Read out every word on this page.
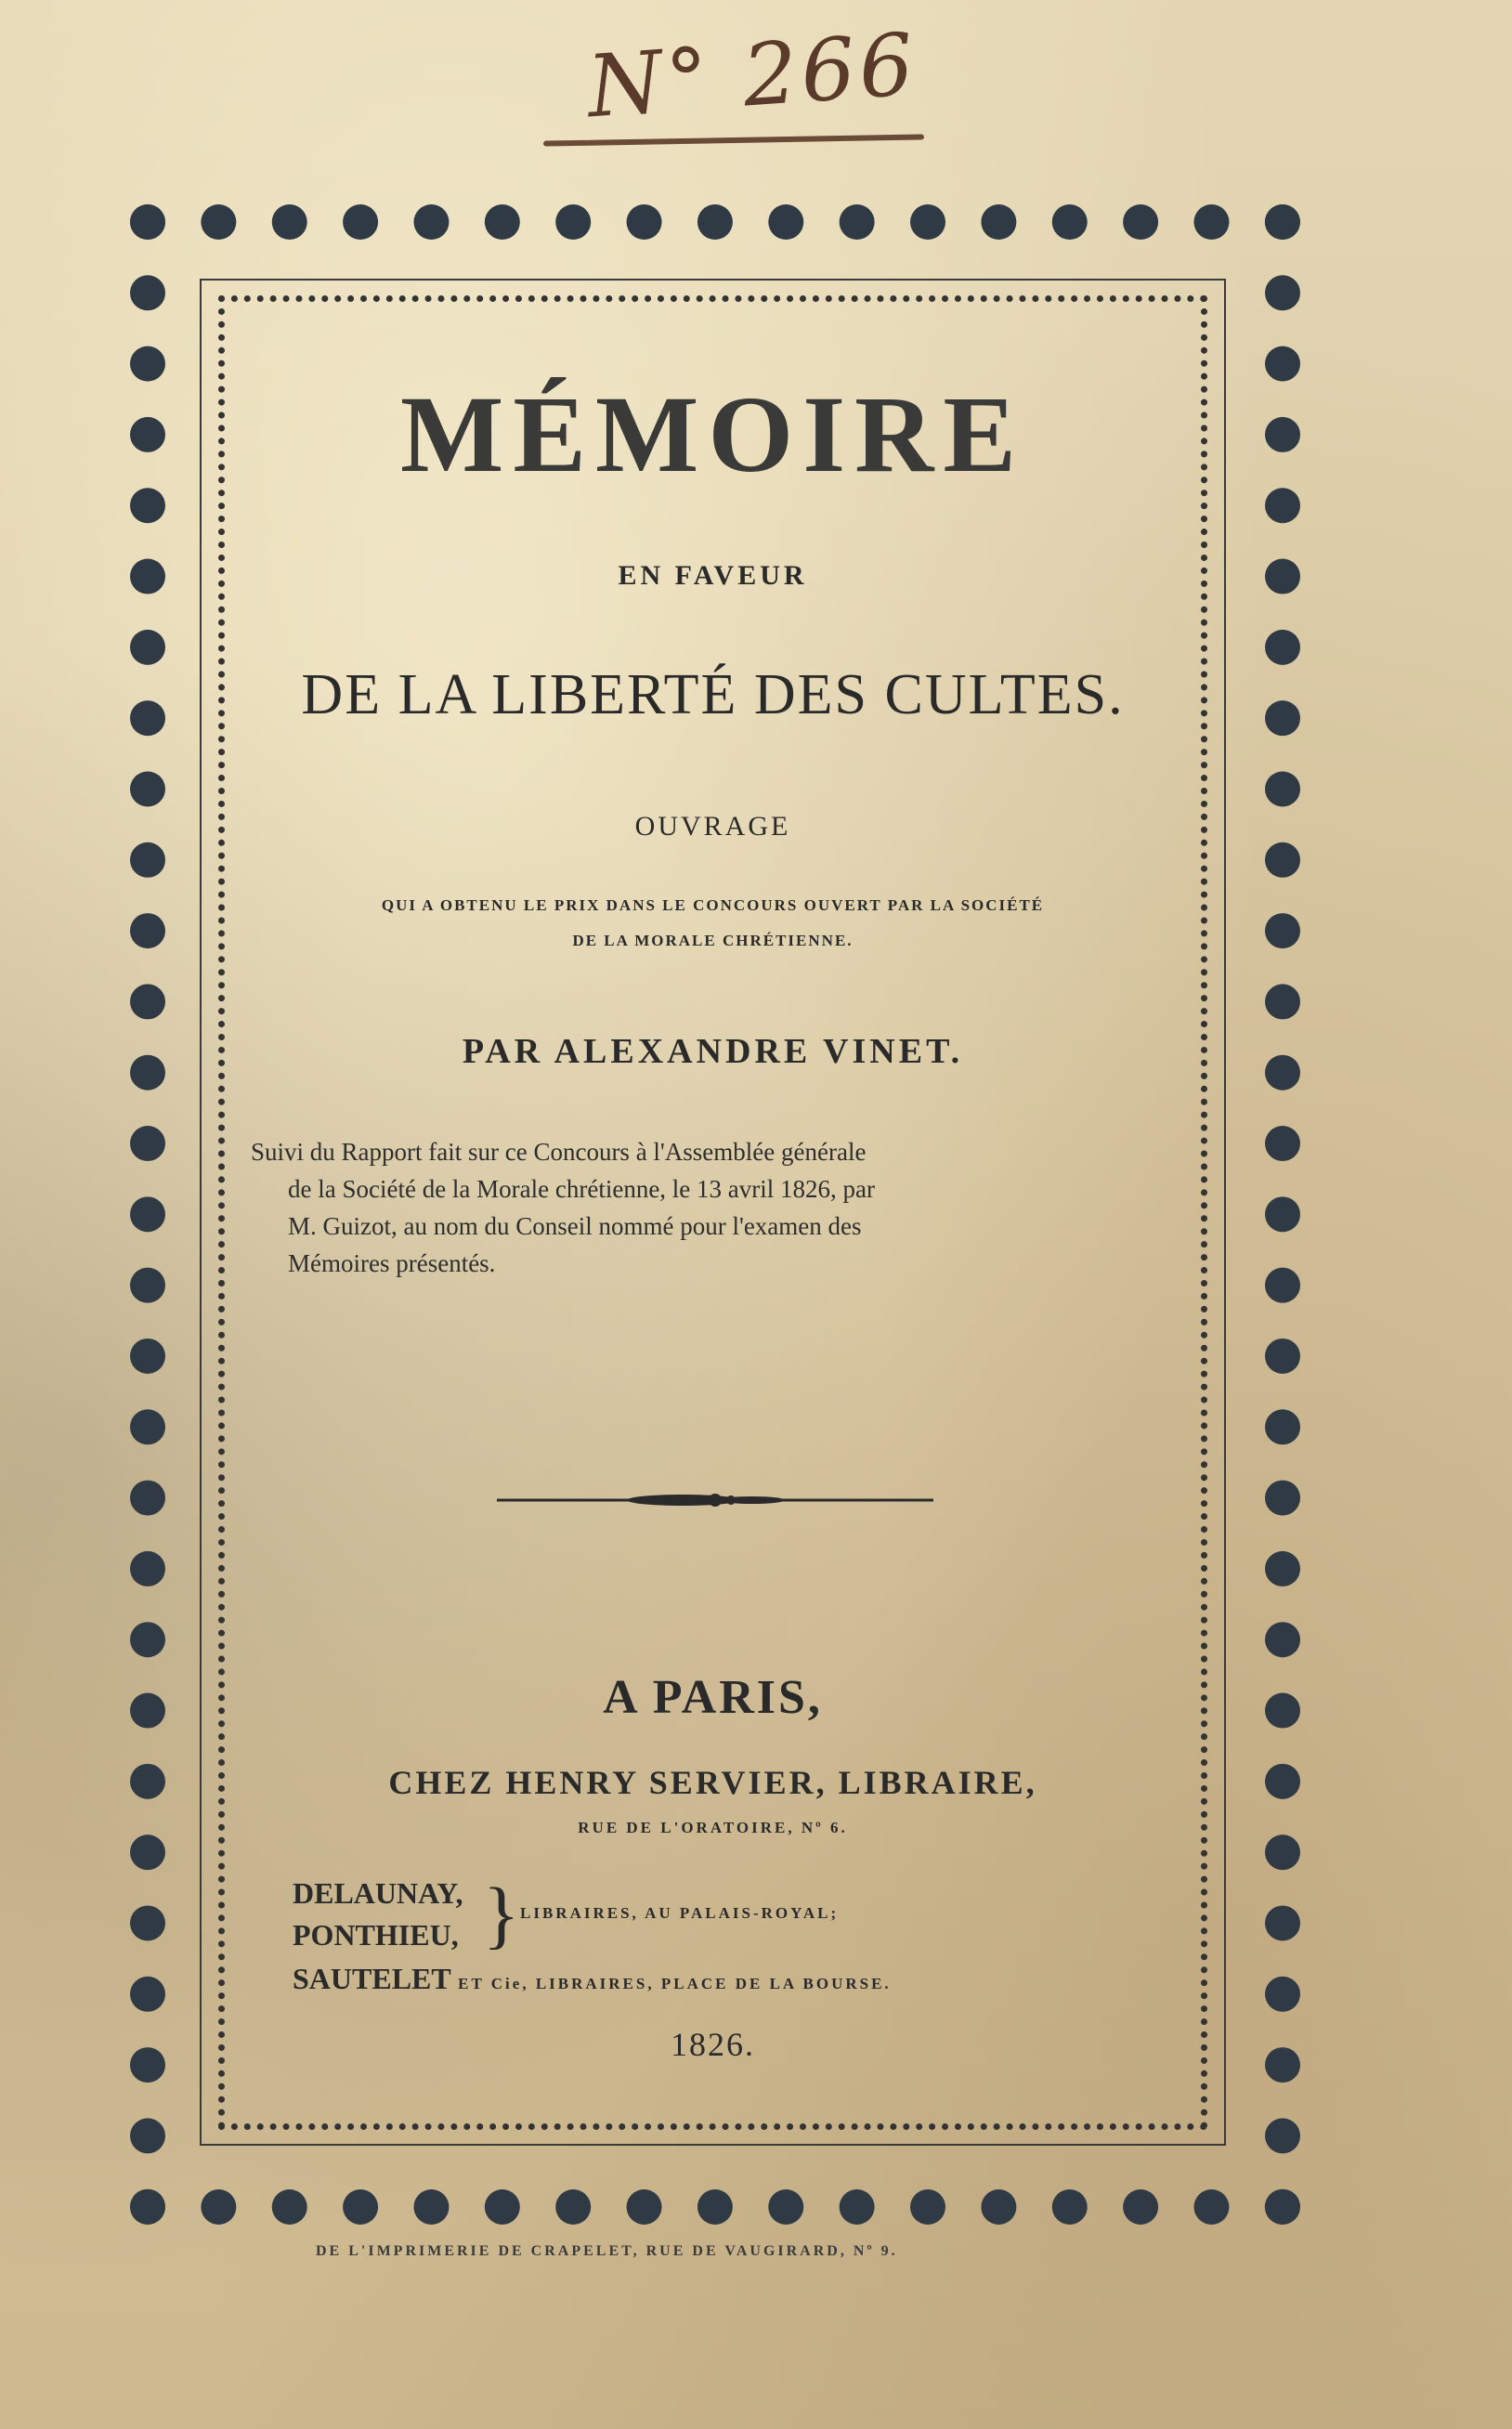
N° 266
MÉMOIRE
EN FAVEUR
DE LA LIBERTÉ DES CULTES.
OUVRAGE
QUI A OBTENU LE PRIX DANS LE CONCOURS OUVERT PAR LA SOCIÉTÉ
DE LA MORALE CHRÉTIENNE.
PAR ALEXANDRE VINET.
Suivi du Rapport fait sur ce Concours à l'Assemblée générale
de la Société de la Morale chrétienne, le 13 avril 1826, par
M. Guizot, au nom du Conseil nommé pour l'examen des
Mémoires présentés.
A PARIS,
CHEZ HENRY SERVIER, LIBRAIRE,
RUE DE L'ORATOIRE, Nº 6.
DELAUNAY,
PONTHIEU, } LIBRAIRES, AU PALAIS-ROYAL;
SAUTELET ET Cie, LIBRAIRES, PLACE DE LA BOURSE.
1826.
DE L'IMPRIMERIE DE CRAPELET, RUE DE VAUGIRARD, Nº 9.
